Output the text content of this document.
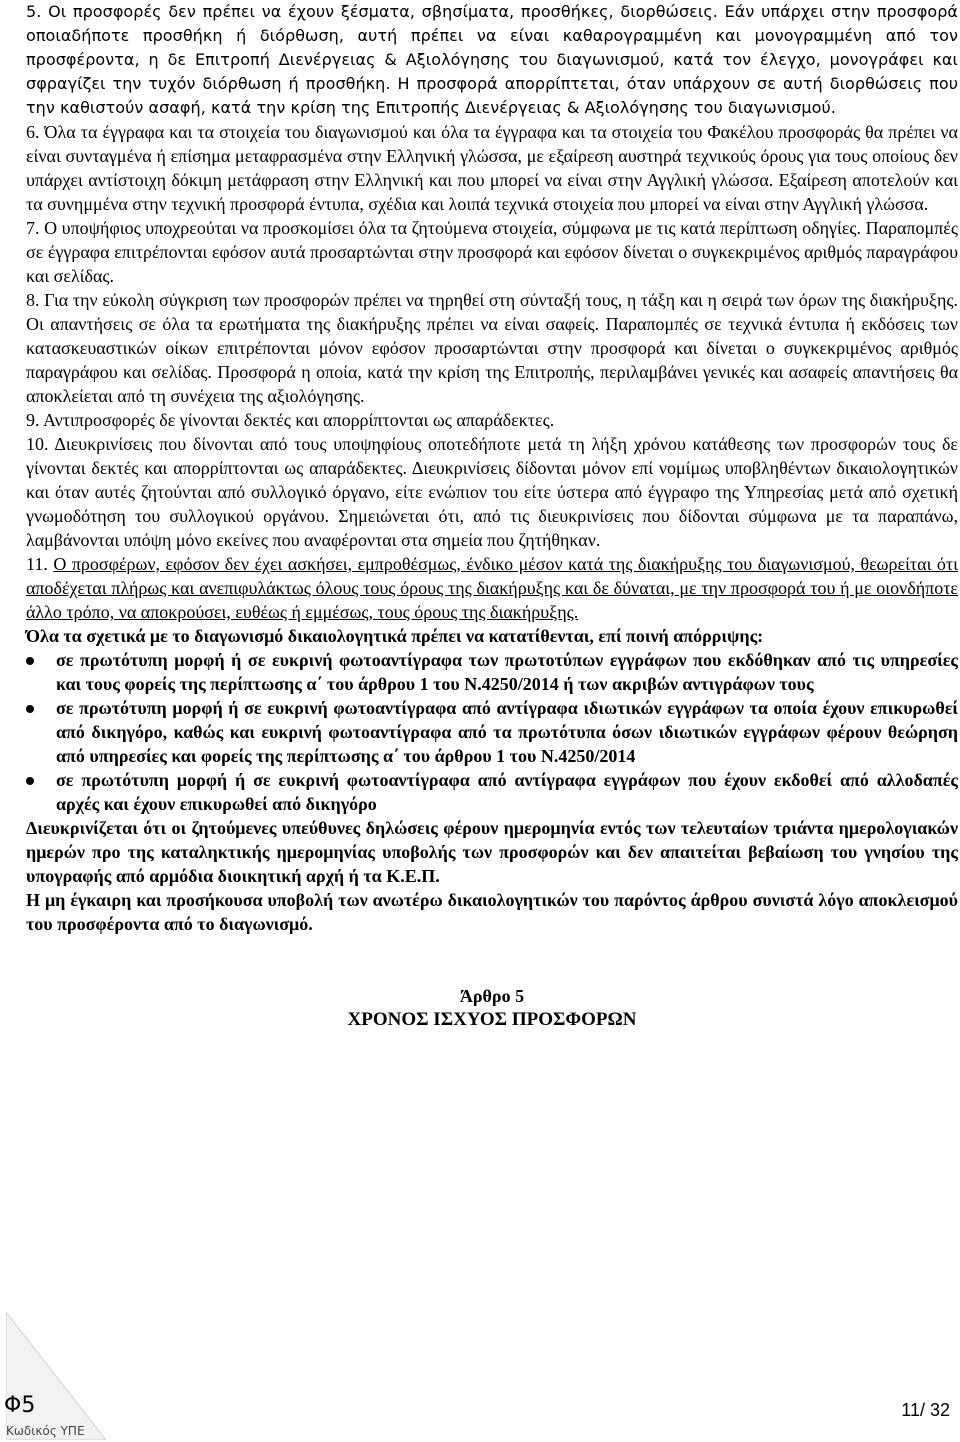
5. Οι προσφορές δεν πρέπει να έχουν ξέσματα, σβησίματα, προσθήκες, διορθώσεις. Εάν υπάρχει στην προσφορά οποιαδήποτε προσθήκη ή διόρθωση, αυτή πρέπει να είναι καθαρογραμμένη και μονογραμμένη από τον προσφέροντα, η δε Επιτροπή Διενέργειας & Αξιολόγησης του διαγωνισμού, κατά τον έλεγχο, μονογράφει και σφραγίζει την τυχόν διόρθωση ή προσθήκη. Η προσφορά απορρίπτεται, όταν υπάρχουν σε αυτή διορθώσεις που την καθιστούν ασαφή, κατά την κρίση της Επιτροπής Διενέργειας & Αξιολόγησης του διαγωνισμού.

6. Όλα τα έγγραφα και τα στοιχεία του διαγωνισμού και όλα τα έγγραφα και τα στοιχεία του Φακέλου προσφοράς θα πρέπει να είναι συνταγμένα ή επίσημα μεταφρασμένα στην Ελληνική γλώσσα, με εξαίρεση αυστηρά τεχνικούς όρους για τους οποίους δεν υπάρχει αντίστοιχη δόκιμη μετάφραση στην Ελληνική και που μπορεί να είναι στην Αγγλική γλώσσα. Εξαίρεση αποτελούν και τα συνημμένα στην τεχνική προσφορά έντυπα, σχέδια και λοιπά τεχνικά στοιχεία που μπορεί να είναι στην Αγγλική γλώσσα.

7. Ο υποψήφιος υποχρεούται να προσκομίσει όλα τα ζητούμενα στοιχεία, σύμφωνα με τις κατά περίπτωση οδηγίες. Παραπομπές σε έγγραφα επιτρέπονται εφόσον αυτά προσαρτώνται στην προσφορά και εφόσον δίνεται ο συγκεκριμένος αριθμός παραγράφου και σελίδας.

8. Για την εύκολη σύγκριση των προσφορών πρέπει να τηρηθεί στη σύνταξή τους, η τάξη και η σειρά των όρων της διακήρυξης. Οι απαντήσεις σε όλα τα ερωτήματα της διακήρυξης πρέπει να είναι σαφείς. Παραπομπές σε τεχνικά έντυπα ή εκδόσεις των κατασκευαστικών οίκων επιτρέπονται μόνον εφόσον προσαρτώνται στην προσφορά και δίνεται ο συγκεκριμένος αριθμός παραγράφου και σελίδας. Προσφορά η οποία, κατά την κρίση της Επιτροπής, περιλαμβάνει γενικές και ασαφείς απαντήσεις θα αποκλείεται από τη συνέχεια της αξιολόγησης.

9. Αντιπροσφορές δε γίνονται δεκτές και απορρίπτονται ως απαράδεκτες.

10. Διευκρινίσεις που δίνονται από τους υποψηφίους οποτεδήποτε μετά τη λήξη χρόνου κατάθεσης των προσφορών τους δε γίνονται δεκτές και απορρίπτονται ως απαράδεκτες. Διευκρινίσεις δίδονται μόνον επί νομίμως υποβληθέντων δικαιολογητικών και όταν αυτές ζητούνται από συλλογικό όργανο, είτε ενώπιον του είτε ύστερα από έγγραφο της Υπηρεσίας μετά από σχετική γνωμοδότηση του συλλογικού οργάνου. Σημειώνεται ότι, από τις διευκρινίσεις που δίδονται σύμφωνα με τα παραπάνω, λαμβάνονται υπόψη μόνο εκείνες που αναφέρονται στα σημεία που ζητήθηκαν.

11. Ο προσφέρων, εφόσον δεν έχει ασκήσει, εμπροθέσμως, ένδικο μέσον κατά της διακήρυξης του διαγωνισμού, θεωρείται ότι αποδέχεται πλήρως και ανεπιφυλάκτως όλους τους όρους της διακήρυξης και δε δύναται, με την προσφορά του ή με οιονδήποτε άλλο τρόπο, να αποκρούσει, ευθέως ή εμμέσως, τους όρους της διακήρυξης.

Όλα τα σχετικά με το διαγωνισμό δικαιολογητικά πρέπει να κατατίθενται, επί ποινή απόρριψης:

σε πρωτότυπη μορφή ή σε ευκρινή φωτοαντίγραφα των πρωτοτύπων εγγράφων που εκδόθηκαν από τις υπηρεσίες και τους φορείς της περίπτωσης α΄ του άρθρου 1 του Ν.4250/2014 ή των ακριβών αντιγράφων τους
σε πρωτότυπη μορφή ή σε ευκρινή φωτοαντίγραφα από αντίγραφα ιδιωτικών εγγράφων τα οποία έχουν επικυρωθεί από δικηγόρο, καθώς και ευκρινή φωτοαντίγραφα από τα πρωτότυπα όσων ιδιωτικών εγγράφων φέρουν θεώρηση από υπηρεσίες και φορείς της περίπτωσης α΄ του άρθρου 1 του Ν.4250/2014
σε πρωτότυπη μορφή ή σε ευκρινή φωτοαντίγραφα από αντίγραφα εγγράφων που έχουν εκδοθεί από αλλοδαπές αρχές και έχουν επικυρωθεί από δικηγόρο

Διευκρινίζεται ότι οι ζητούμενες υπεύθυνες δηλώσεις φέρουν ημερομηνία εντός των τελευταίων τριάντα ημερολογιακών ημερών προ της καταληκτικής ημερομηνίας υποβολής των προσφορών και δεν απαιτείται βεβαίωση του γνησίου της υπογραφής από αρμόδια διοικητική αρχή ή τα Κ.Ε.Π.

Η μη έγκαιρη και προσήκουσα υποβολή των ανωτέρω δικαιολογητικών του παρόντος άρθρου συνιστά λόγο αποκλεισμού του προσφέροντα από το διαγωνισμό.

Άρθρο 5

ΧΡΟΝΟΣ ΙΣΧΥΟΣ ΠΡΟΣΦΟΡΩΝ

Φ5
Κωδικός ΥΠΕ
11/ 32
